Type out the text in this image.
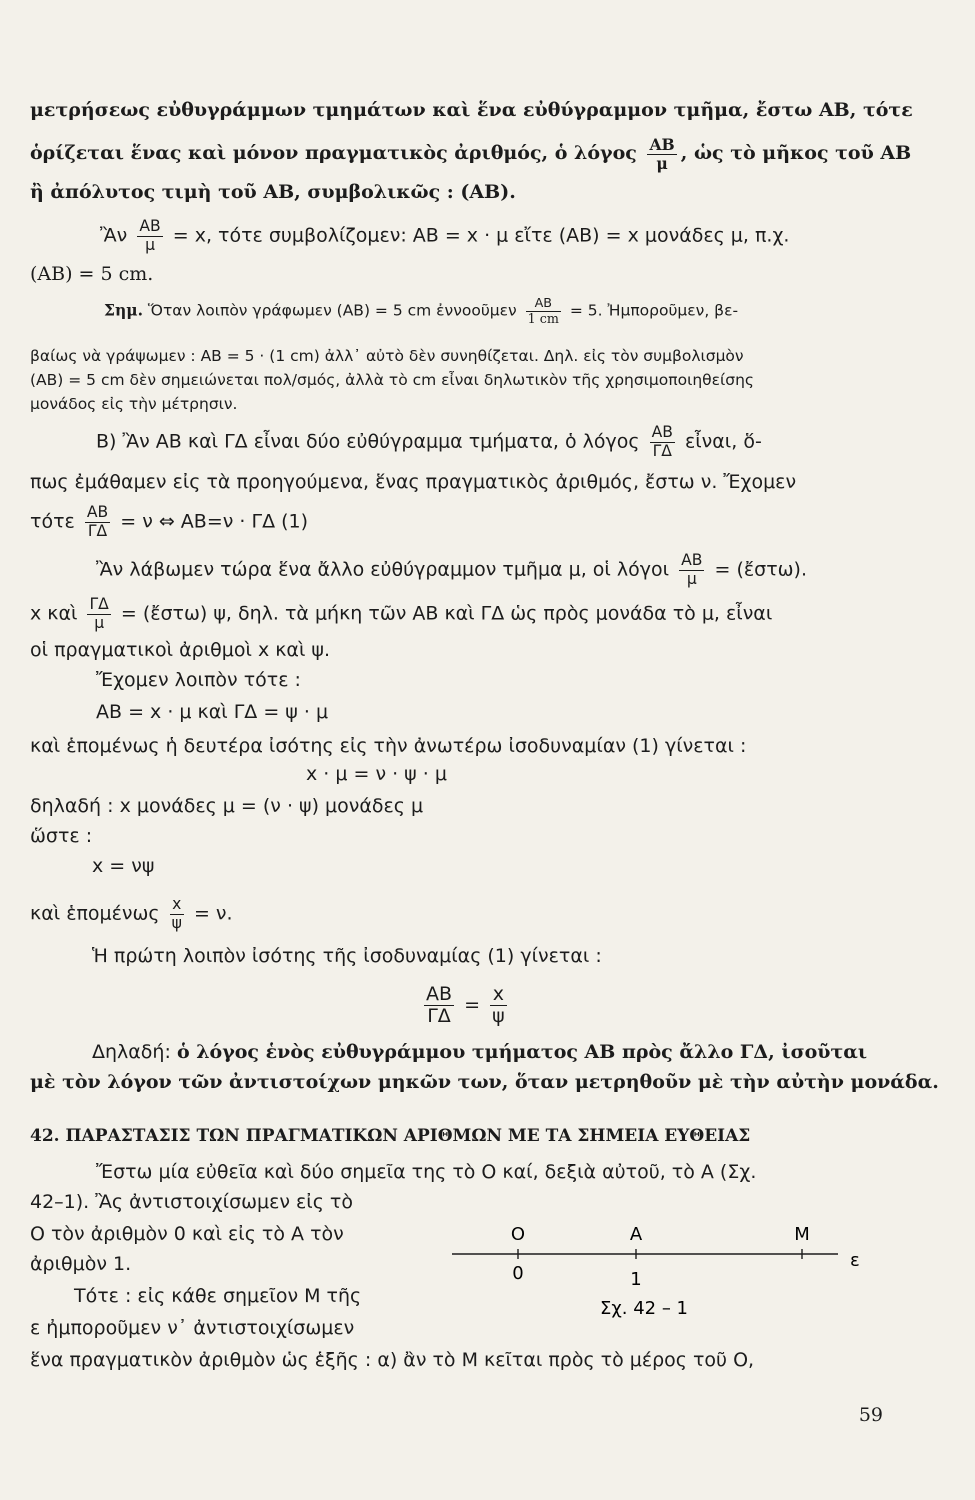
μετρήσεως εὐθυγράμμων τμημάτων καὶ ἕνα εὐθύγραμμον τμῆμα, ἔστω ΑΒ, τότε
ὁρίζεται ἕνας καὶ μόνον πραγματικὸς ἀριθμός, ὁ λόγος $\frac{AB}{\mu}$ , ὡς τὸ μῆκος τοῦ ΑΒ
ἢ ἀπόλυτος τιμὴ τοῦ ΑΒ, συμβολικῶς : (ΑΒ).
Ἂν $\frac{AB}{\mu} = x$, τότε συμβολίζομεν: ΑΒ = x · μ εἴτε (ΑΒ) = x μονάδες μ, π.χ.
(ΑΒ) = 5 cm.
Σημ. Ὅταν λοιπὸν γράφωμεν (ΑΒ) = 5 cm ἐννοοῦμεν $\frac{AB}{1 cm} = 5$. Ἠμποροῦμεν, βε-
βαίως νὰ γράψωμεν : ΑΒ = 5 · (1 cm) ἀλλ᾽ αὐτὸ δὲν συνηθίζεται. Δηλ. εἰς τὸν συμβολισμὸν
(ΑΒ) = 5 cm δὲν σημειώνεται πολ/σμός, ἀλλὰ τὸ cm εἶναι δηλωτικὸν τῆς χρησιμοποιηθείσης
μονάδος εἰς τὴν μέτρησιν.
Β) Ἂν ΑΒ καὶ ΓΔ εἶναι δύο εὐθύγραμμα τμήματα, ὁ λόγος $\frac{AB}{\Gamma\Delta}$ εἶναι, ὅ-
πως ἐμάθαμεν εἰς τὰ προηγούμενα, ἕνας πραγματικὸς ἀριθμός, ἔστω ν. Ἔχομεν
τότε $\frac{AB}{\Gamma\Delta} = \nu$ ⇔ ΑΒ=ν · ΓΔ (1)
Ἂν λάβωμεν τώρα ἕνα ἄλλο εὐθύγραμμον τμῆμα μ, οἱ λόγοι $\frac{AB}{\mu}$ = (ἔστω).
x καὶ $\frac{\Gamma\Delta}{\mu}$ = (ἔστω) ψ, δηλ. τὰ μήκη τῶν ΑΒ καὶ ΓΔ ὡς πρὸς μονάδα τὸ μ, εἶναι
οἱ πραγματικοὶ ἀριθμοὶ x καὶ ψ.
Ἔχομεν λοιπὸν τότε :
ΑΒ = x · μ καὶ ΓΔ = ψ · μ
καὶ ἑπομένως ἡ δευτέρα ἰσότης εἰς τὴν ἀνωτέρω ἰσοδυναμίαν (1) γίνεται :
x · μ = ν · ψ · μ
δηλαδή : x μονάδες μ = (ν · ψ) μονάδες μ
ὥστε :
x = νψ
καὶ ἑπομένως $\frac{x}{\psi} = \nu$.
Ἡ πρώτη λοιπὸν ἰσότης τῆς ἰσοδυναμίας (1) γίνεται :
$\frac{AB}{\Gamma\Delta} = \frac{x}{\psi}$
Δηλαδή: ὁ λόγος ἑνὸς εὐθυγράμμου τμήματος ΑΒ πρὸς ἄλλο ΓΔ, ἰσοῦται
μὲ τὸν λόγον τῶν ἀντιστοίχων μηκῶν των, ὅταν μετρηθοῦν μὲ τὴν αὐτὴν μονάδα.
42. ΠΑΡΑΣΤΑΣΙΣ ΤΩΝ ΠΡΑΓΜΑΤΙΚΩΝ ΑΡΙΘΜΩΝ ΜΕ ΤΑ ΣΗΜΕΙΑ ΕΥΘΕΙΑΣ
Ἔστω μία εὐθεῖα καὶ δύο σημεῖα της τὸ Ο καί, δεξιὰ αὐτοῦ, τὸ Α (Σχ.
42–1). Ἂς ἀντιστοιχίσωμεν εἰς τὸ
Ο τὸν ἀριθμὸν 0 καὶ εἰς τὸ Α τὸν
ἀριθμὸν 1.
Τότε : εἰς κάθε σημεῖον Μ τῆς
ε ἠμποροῦμεν ν᾽ ἀντιστοιχίσωμεν
ἕνα πραγματικὸν ἀριθμὸν ὡς ἑξῆς : α) ἂν τὸ Μ κεῖται πρὸς τὸ μέρος τοῦ Ο,
Ο	Α	Μ
ε
0	1
Σχ. 42 – 1
59
